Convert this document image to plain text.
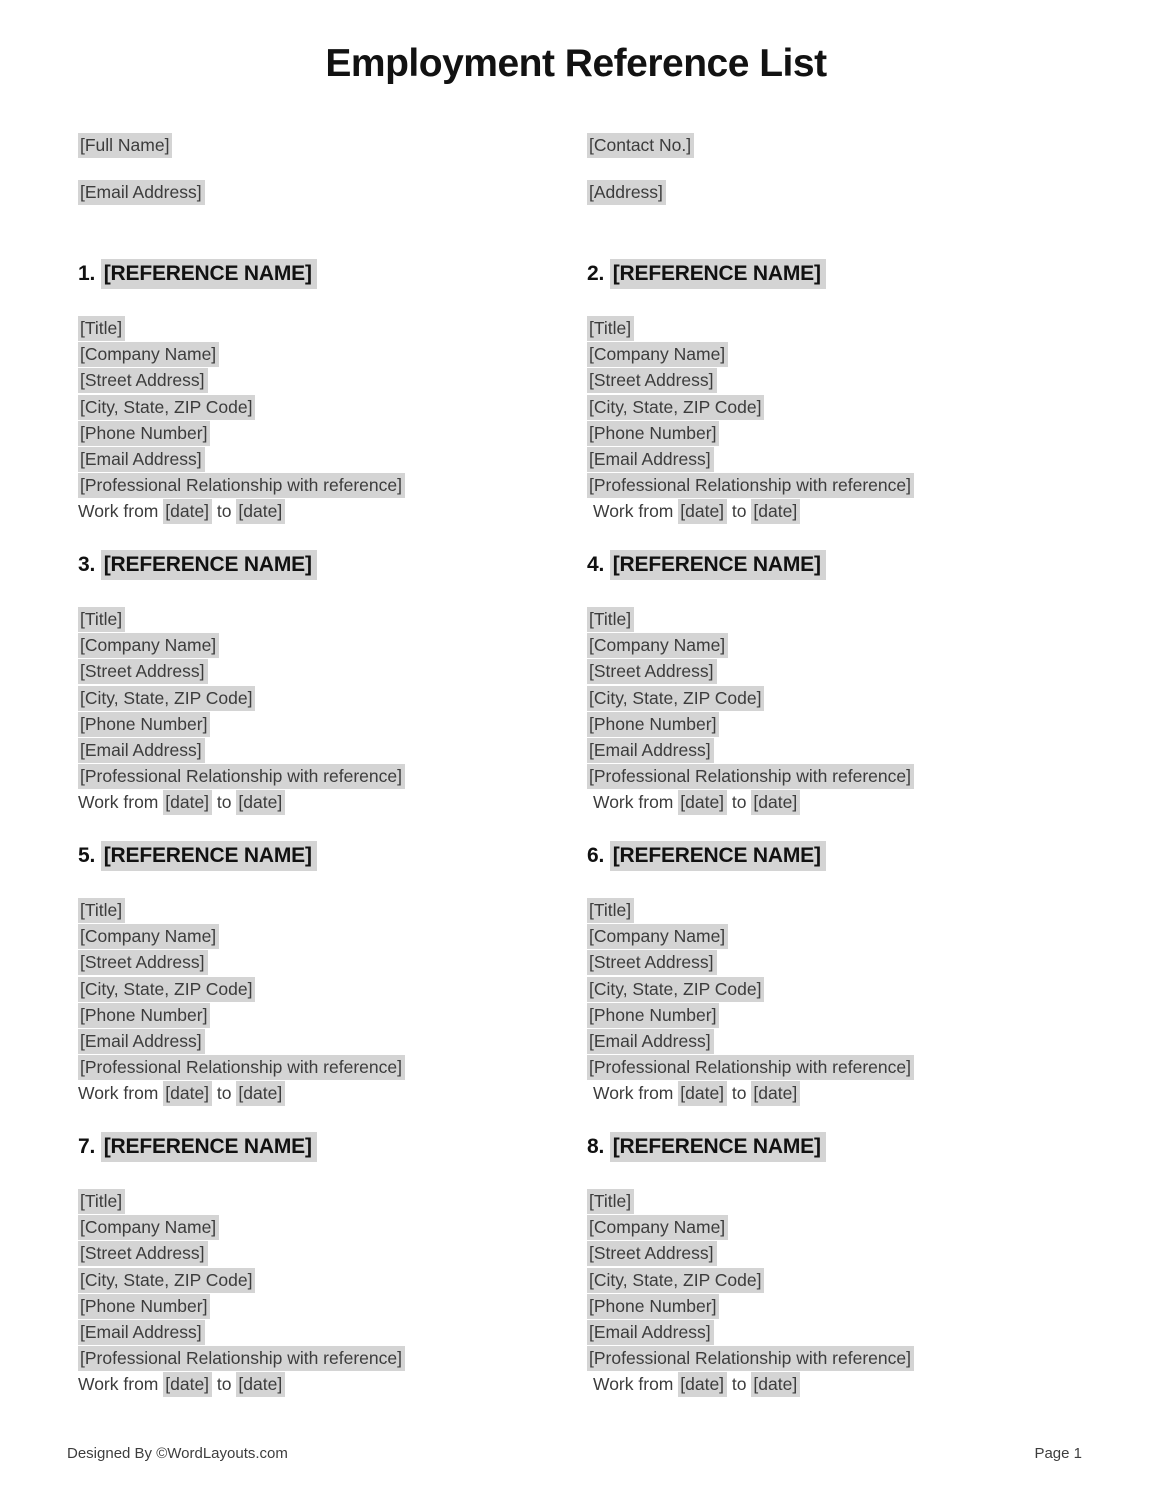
Employment Reference List
[Full Name]	[Contact No.]
[Email Address]	[Address]
1. [REFERENCE NAME]

[Title]

[Company Name]

[Street Address]

[City, State, ZIP Code]

[Phone Number]

[Email Address]

[Professional Relationship with reference]

Work from [date] to [date]

2. [REFERENCE NAME]

[Title]

[Company Name]

[Street Address]

[City, State, ZIP Code]

[Phone Number]

[Email Address]

[Professional Relationship with reference]

Work from [date] to [date]

3. [REFERENCE NAME]

[Title]

[Company Name]

[Street Address]

[City, State, ZIP Code]

[Phone Number]

[Email Address]

[Professional Relationship with reference]

Work from [date] to [date]

4. [REFERENCE NAME]

[Title]

[Company Name]

[Street Address]

[City, State, ZIP Code]

[Phone Number]

[Email Address]

[Professional Relationship with reference]

Work from [date] to [date]

5. [REFERENCE NAME]

[Title]

[Company Name]

[Street Address]

[City, State, ZIP Code]

[Phone Number]

[Email Address]

[Professional Relationship with reference]

Work from [date] to [date]

6. [REFERENCE NAME]

[Title]

[Company Name]

[Street Address]

[City, State, ZIP Code]

[Phone Number]

[Email Address]

[Professional Relationship with reference]

Work from [date] to [date]

7. [REFERENCE NAME]

[Title]

[Company Name]

[Street Address]

[City, State, ZIP Code]

[Phone Number]

[Email Address]

[Professional Relationship with reference]

Work from [date] to [date]

8. [REFERENCE NAME]

[Title]

[Company Name]

[Street Address]

[City, State, ZIP Code]

[Phone Number]

[Email Address]

[Professional Relationship with reference]

Work from [date] to [date]

Designed By ©WordLayouts.com	Page 1
